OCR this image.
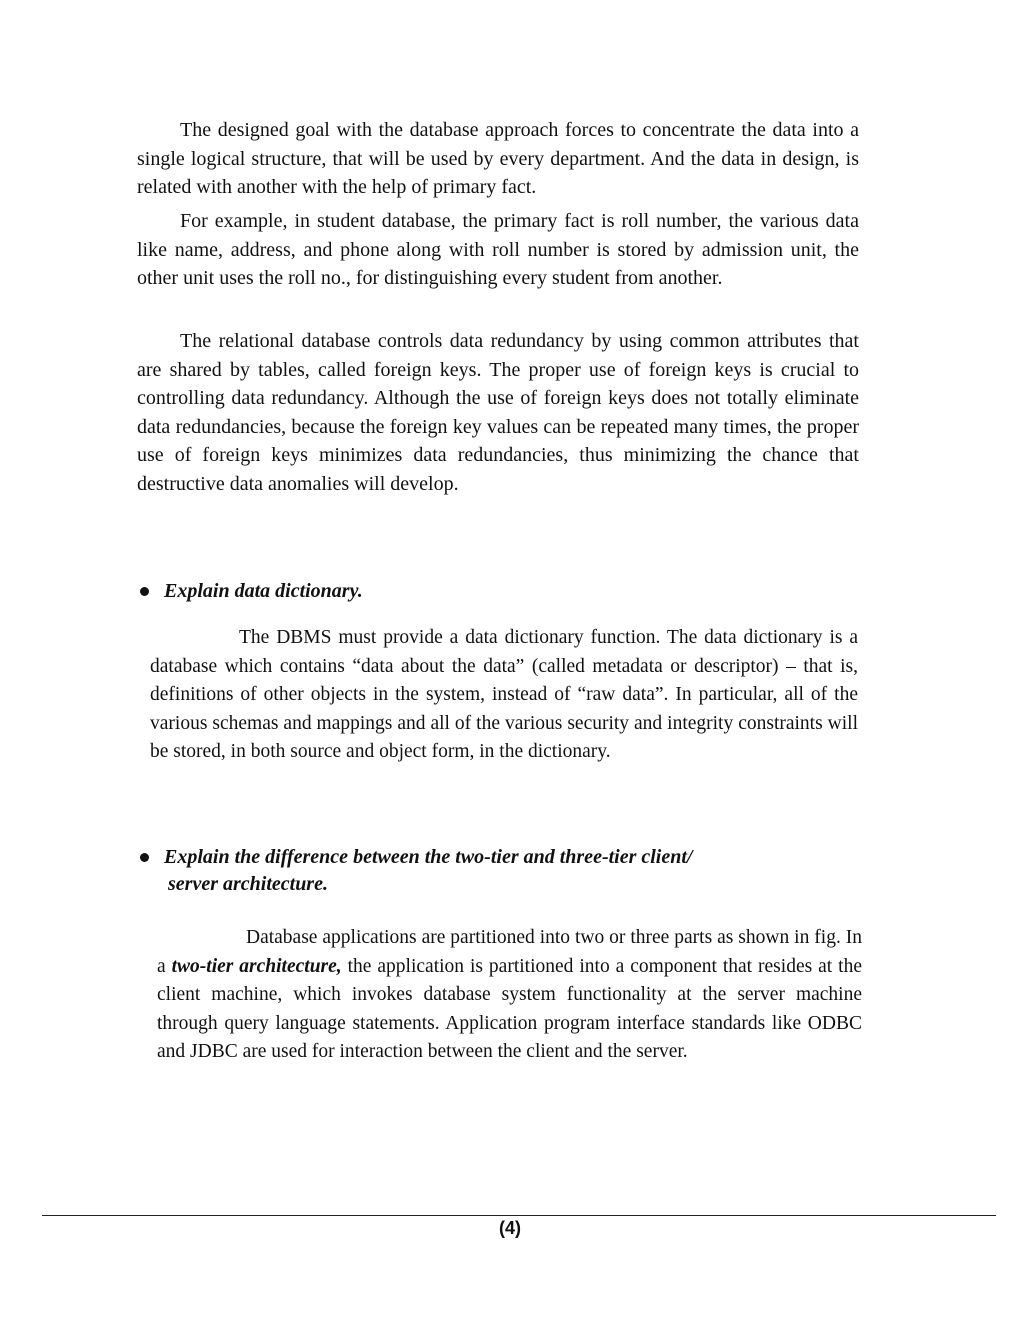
The designed goal with the database approach forces to concentrate the data into a single logical structure, that will be used by every department. And the data in design, is related with another with the help of primary fact.

For example, in student database, the primary fact is roll number, the various data like name, address, and phone along with roll number is stored by admission unit, the other unit uses the roll no., for distinguishing every student from another.

The relational database controls data redundancy by using common attributes that are shared by tables, called foreign keys. The proper use of foreign keys is crucial to controlling data redundancy. Although the use of foreign keys does not totally eliminate data redundancies, because the foreign key values can be repeated many times, the proper use of foreign keys minimizes data redundancies, thus minimizing the chance that destructive data anomalies will develop.

Explain data dictionary.

The DBMS must provide a data dictionary function. The data dictionary is a database which contains “data about the data” (called metadata or descriptor) – that is, definitions of other objects in the system, instead of “raw data”. In particular, all of the various schemas and mappings and all of the various security and integrity constraints will be stored, in both source and object form, in the dictionary.

Explain the difference between the two-tier and three-tier client/
server architecture.

Database applications are partitioned into two or three parts as shown in fig. In a two-tier architecture, the application is partitioned into a component that resides at the client machine, which invokes database system functionality at the server machine through query language statements. Application program interface standards like ODBC and JDBC are used for interaction between the client and the server.

(4)
